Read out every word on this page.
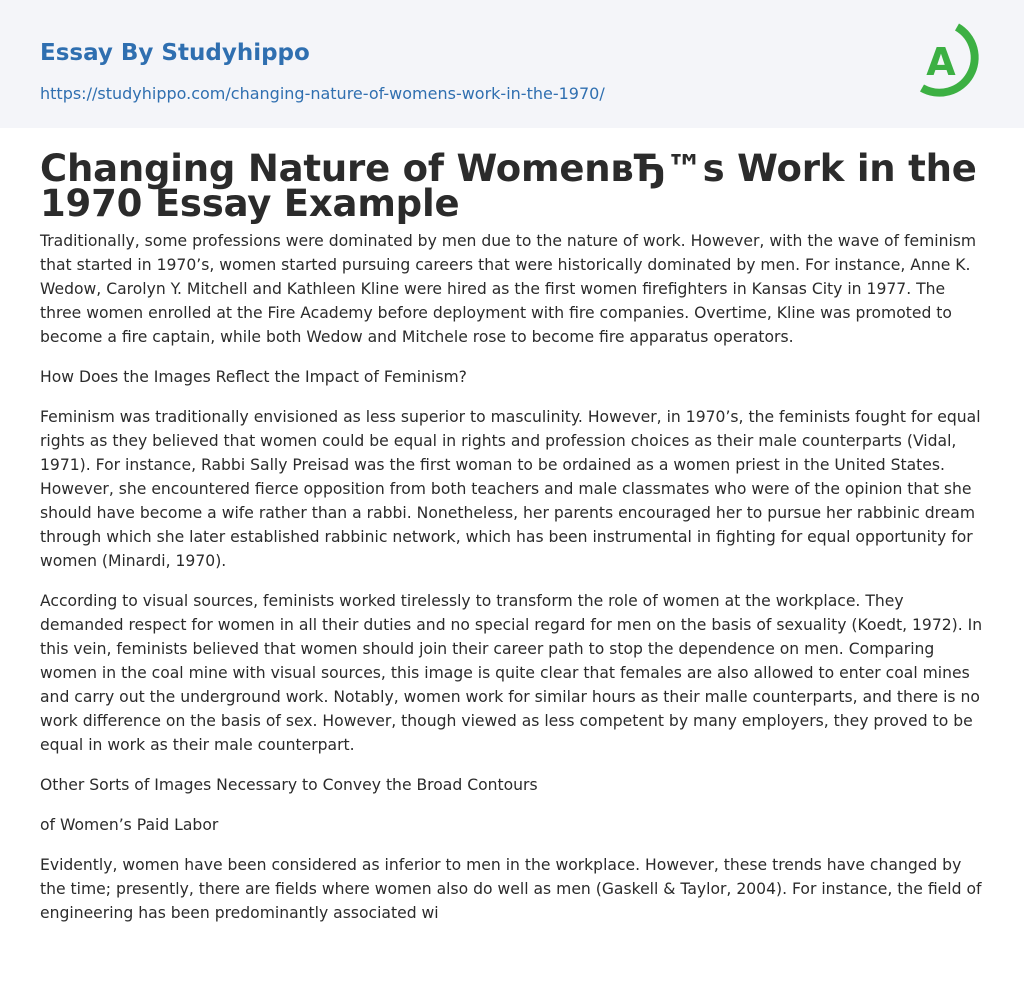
Essay By Studyhippo
https://studyhippo.com/changing-nature-of-womens-work-in-the-1970/
A
Changing Nature of WomenвЂ™s Work in the 1970 Essay Example

Traditionally, some professions were dominated by men due to the nature of work. However, with the wave of feminism that started in 1970’s, women started pursuing careers that were historically dominated by men. For instance, Anne K. Wedow, Carolyn Y. Mitchell and Kathleen Kline were hired as the first women firefighters in Kansas City in 1977. The three women enrolled at the Fire Academy before deployment with fire companies. Overtime, Kline was promoted to become a fire captain, while both Wedow and Mitchele rose to become fire apparatus operators.

How Does the Images Reflect the Impact of Feminism?

Feminism was traditionally envisioned as less superior to masculinity. However, in 1970’s, the feminists fought for equal rights as they believed that women could be equal in rights and profession choices as their male counterparts (Vidal, 1971). For instance, Rabbi Sally Preisad was the first woman to be ordained as a women priest in the United States. However, she encountered fierce opposition from both teachers and male classmates who were of the opinion that she should have become a wife rather than a rabbi. Nonetheless, her parents encouraged her to pursue her rabbinic dream through which she later established rabbinic network, which has been instrumental in fighting for equal opportunity for women (Minardi, 1970).

According to visual sources, feminists worked tirelessly to transform the role of women at the workplace. They demanded respect for women in all their duties and no special regard for men on the basis of sexuality (Koedt, 1972). In this vein, feminists believed that women should join their career path to stop the dependence on men. Comparing women in the coal mine with visual sources, this image is quite clear that females are also allowed to enter coal mines and carry out the underground work. Notably, women work for similar hours as their malle counterparts, and there is no work difference on the basis of sex. However, though viewed as less competent by many employers, they proved to be equal in work as their male counterpart.

Other Sorts of Images Necessary to Convey the Broad Contours

of Women’s Paid Labor

Evidently, women have been considered as inferior to men in the workplace. However, these trends have changed by the time; presently, there are fields where women also do well as men (Gaskell & Taylor, 2004). For instance, the field of engineering has been predominantly associated wi
